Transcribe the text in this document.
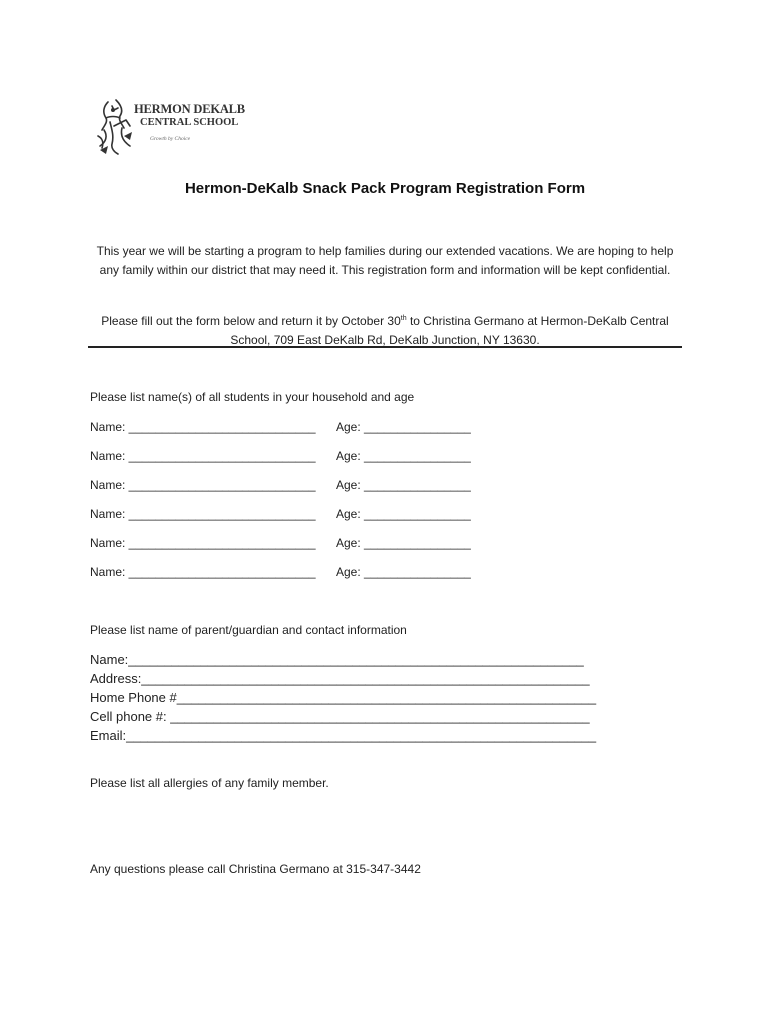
HERMON DEKALB
CENTRAL SCHOOL
Growth by Choice
Hermon-DeKalb Snack Pack Program Registration Form
This year we will be starting a program to help families during our extended vacations. We are hoping to help any family within our district that may need it. This registration form and information will be kept confidential.
Please fill out the form below and return it by October 30th to Christina Germano at Hermon-DeKalb Central School, 709 East DeKalb Rd, DeKalb Junction, NY 13630.
Please list name(s) of all students in your household and age
Name: ____________________________ Age: ________________
Name: ____________________________ Age: ________________
Name: ____________________________ Age: ________________
Name: ____________________________ Age: ________________
Name: ____________________________ Age: ________________
Name: ____________________________ Age: ________________
Please list name of parent/guardian and contact information
Name:_______________________________________________________________
Address:______________________________________________________________
Home Phone #__________________________________________________________
Cell phone #: __________________________________________________________
Email:_________________________________________________________________
Please list all allergies of any family member.
Any questions please call Christina Germano at 315-347-3442
